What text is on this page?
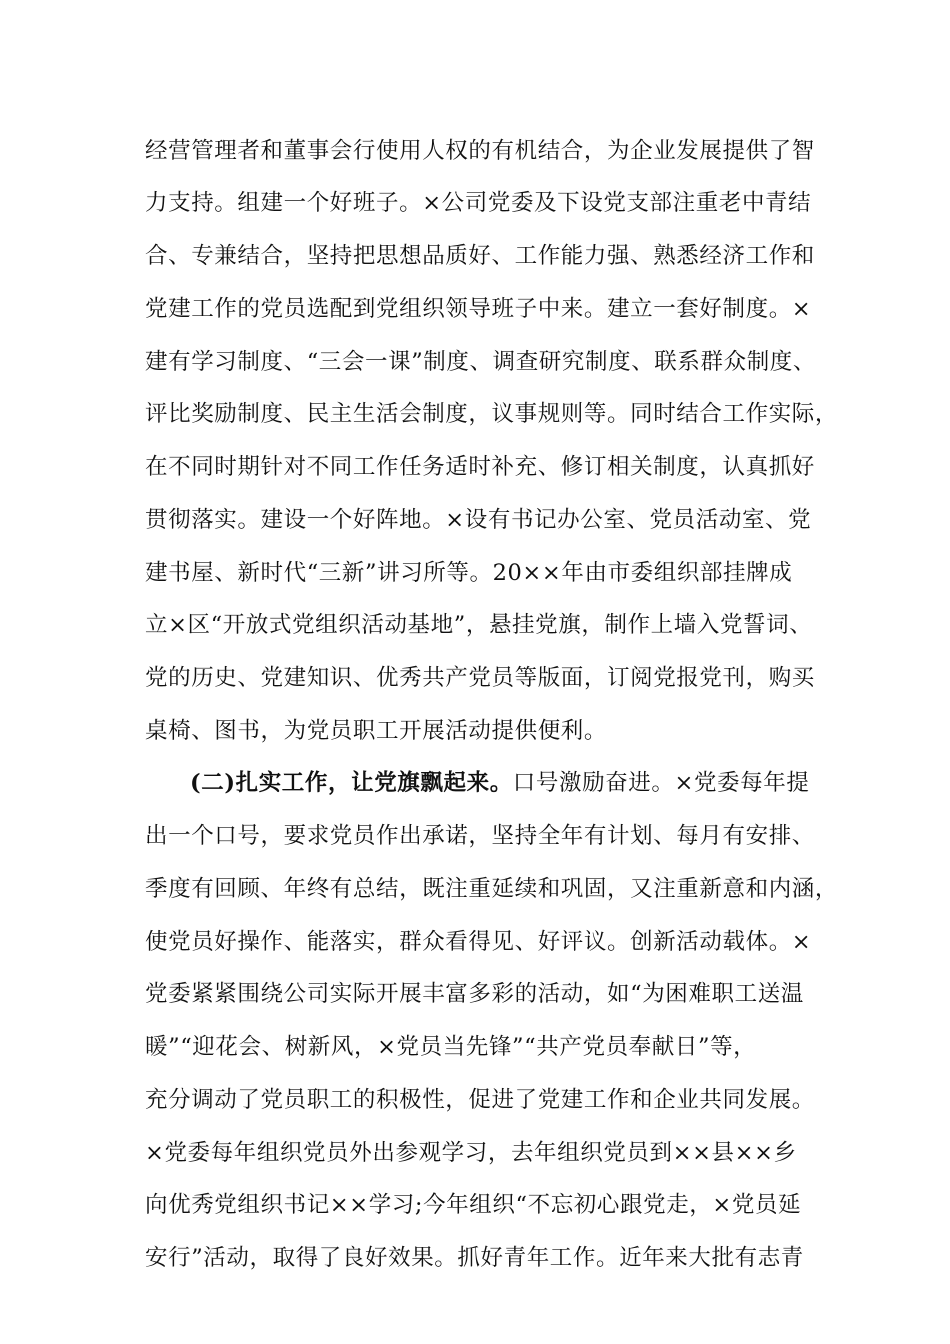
经营管理者和董事会行使用人权的有机结合，为企业发展提供了智
力支持。组建一个好班子。×公司党委及下设党支部注重老中青结
合、专兼结合，坚持把思想品质好、工作能力强、熟悉经济工作和
党建工作的党员选配到党组织领导班子中来。建立一套好制度。×
建有学习制度、“三会一课”制度、调查研究制度、联系群众制度、
评比奖励制度、民主生活会制度，议事规则等。同时结合工作实际，
在不同时期针对不同工作任务适时补充、修订相关制度，认真抓好
贯彻落实。建设一个好阵地。×设有书记办公室、党员活动室、党
建书屋、新时代“三新”讲习所等。20××年由市委组织部挂牌成
立×区“开放式党组织活动基地”，悬挂党旗，制作上墙入党誓词、
党的历史、党建知识、优秀共产党员等版面，订阅党报党刊，购买
桌椅、图书，为党员职工开展活动提供便利。
(二)扎实工作，让党旗飘起来。口号激励奋进。×党委每年提
出一个口号，要求党员作出承诺，坚持全年有计划、每月有安排、
季度有回顾、年终有总结，既注重延续和巩固，又注重新意和内涵，
使党员好操作、能落实，群众看得见、好评议。创新活动载体。×
党委紧紧围绕公司实际开展丰富多彩的活动，如“为困难职工送温
暖”“迎花会、树新风，×党员当先锋”“共产党员奉献日”等，
充分调动了党员职工的积极性，促进了党建工作和企业共同发展。
×党委每年组织党员外出参观学习，去年组织党员到××县××乡
向优秀党组织书记××学习;今年组织“不忘初心跟党走，×党员延
安行”活动，取得了良好效果。抓好青年工作。近年来大批有志青
